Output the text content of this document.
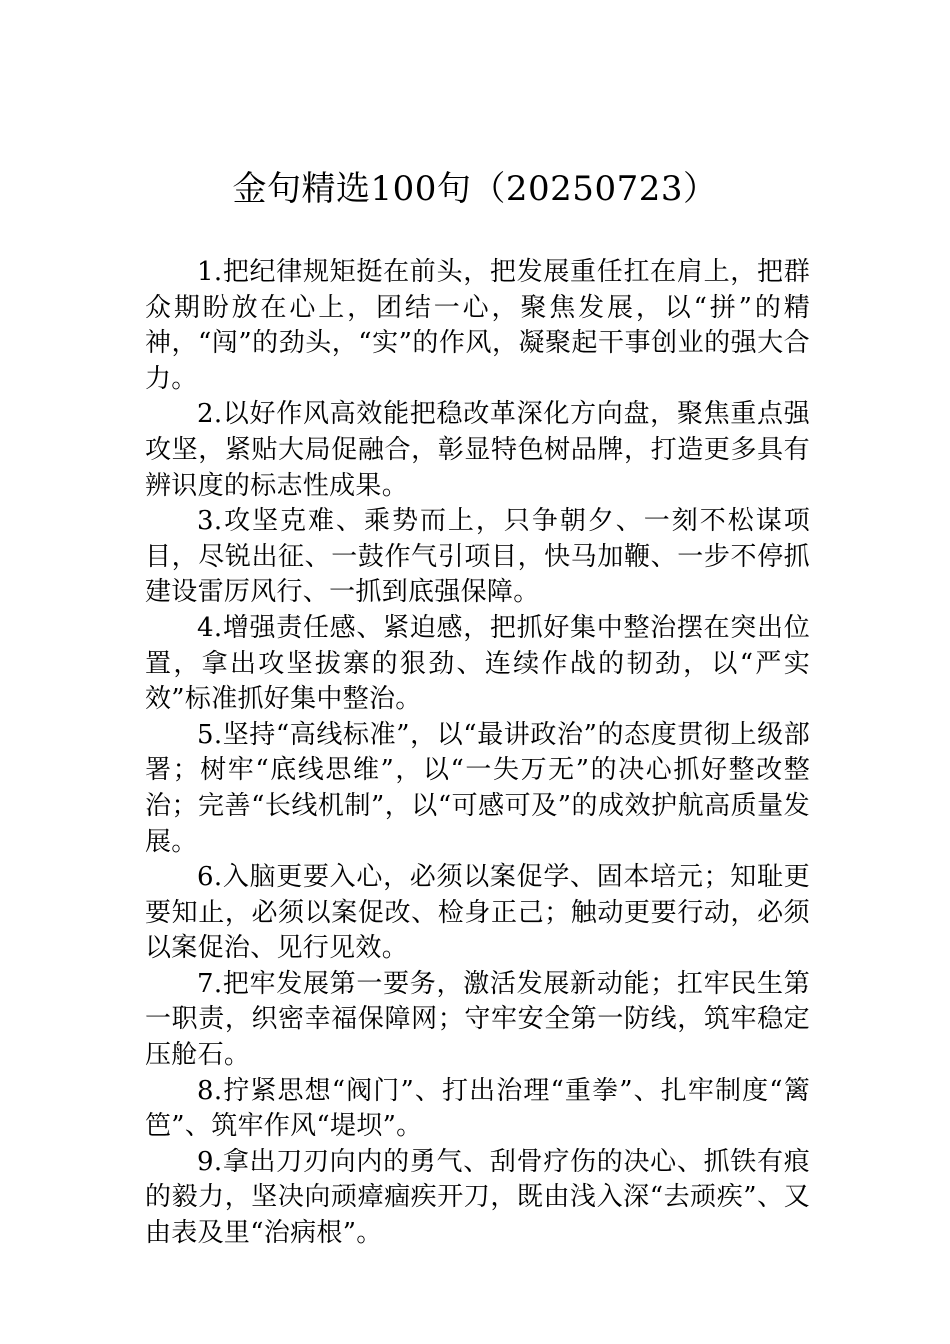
金句精选100句（20250723）

1.把纪律规矩挺在前头，把发展重任扛在肩上，把群众期盼放在心上，团结一心，聚焦发展，以“拼”的精神，“闯”的劲头，“实”的作风，凝聚起干事创业的强大合力。

2.以好作风高效能把稳改革深化方向盘，聚焦重点强攻坚，紧贴大局促融合，彰显特色树品牌，打造更多具有辨识度的标志性成果。

3.攻坚克难、乘势而上，只争朝夕、一刻不松谋项目，尽锐出征、一鼓作气引项目，快马加鞭、一步不停抓建设雷厉风行、一抓到底强保障。

4.增强责任感、紧迫感，把抓好集中整治摆在突出位置，拿出攻坚拔寨的狠劲、连续作战的韧劲，以“严实效”标准抓好集中整治。

5.坚持“高线标准”，以“最讲政治”的态度贯彻上级部署；树牢“底线思维”，以“一失万无”的决心抓好整改整治；完善“长线机制”，以“可感可及”的成效护航高质量发展。

6.入脑更要入心，必须以案促学、固本培元；知耻更要知止，必须以案促改、检身正己；触动更要行动，必须以案促治、见行见效。

7.把牢发展第一要务，激活发展新动能；扛牢民生第一职责，织密幸福保障网；守牢安全第一防线，筑牢稳定压舱石。

8.拧紧思想“阀门”、打出治理“重拳”、扎牢制度“篱笆”、筑牢作风“堤坝”。

9.拿出刀刃向内的勇气、刮骨疗伤的决心、抓铁有痕的毅力，坚决向顽瘴痼疾开刀，既由浅入深“去顽疾”、又由表及里“治病根”。
